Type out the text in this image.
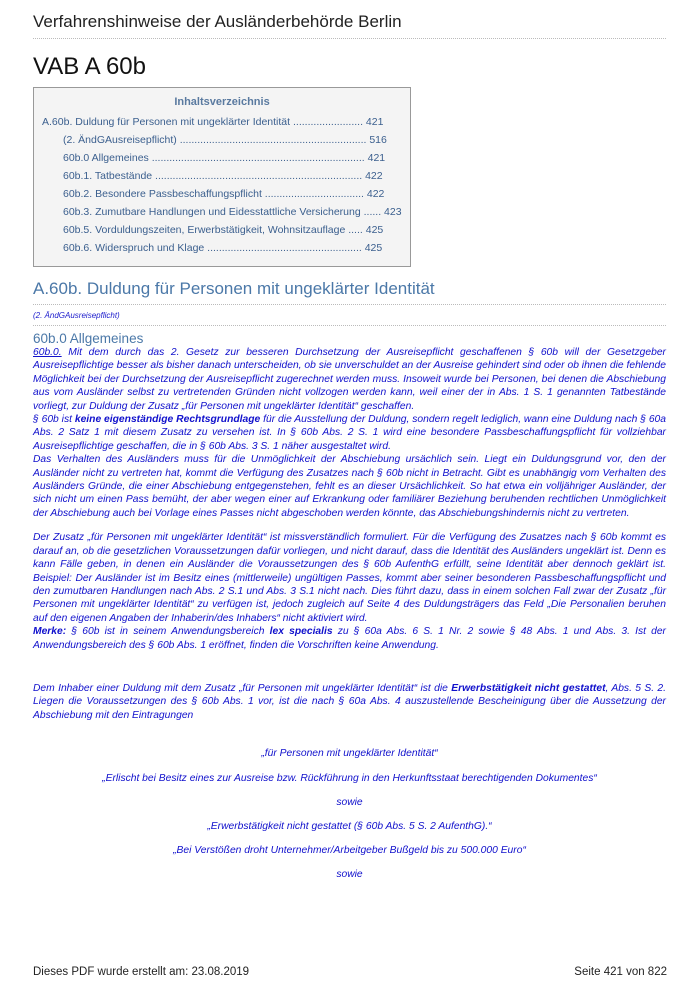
Verfahrenshinweise der Ausländerbehörde Berlin
VAB A 60b
Inhaltsverzeichnis
A.60b. Duldung für Personen mit ungeklärter Identität ........................ 421
(2. ÄndGAusreisepflicht) ................................................................ 516
60b.0 Allgemeines ......................................................................... 421
60b.1. Tatbestände ....................................................................... 422
60b.2. Besondere Passbeschaffungspflicht .................................. 422
60b.3. Zumutbare Handlungen und Eidesstattliche Versicherung ...... 423
60b.5. Vorduldungszeiten, Erwerbstätigkeit, Wohnsitzauflage ..... 425
60b.6. Widerspruch und Klage ..................................................... 425
A.60b. Duldung für Personen mit ungeklärter Identität
(2. ÄndGAusreisepflicht)
60b.0 Allgemeines

60b.0. Mit dem durch das 2. Gesetz zur besseren Durchsetzung der Ausreisepflicht geschaffenen § 60b will der Gesetzgeber Ausreisepflichtige besser als bisher danach unterscheiden, ob sie unverschuldet an der Ausreise gehindert sind oder ob ihnen die fehlende Möglichkeit bei der Durchsetzung der Ausreisepflicht zugerechnet werden muss. Insoweit wurde bei Personen, bei denen die Abschiebung aus vom Ausländer selbst zu vertretenden Gründen nicht vollzogen werden kann, weil einer der in Abs. 1 S. 1 genannten Tatbestände vorliegt, zur Duldung der Zusatz „für Personen mit ungeklärter Identität“ geschaffen.

§ 60b ist keine eigenständige Rechtsgrundlage für die Ausstellung der Duldung, sondern regelt lediglich, wann eine Duldung nach § 60a Abs. 2 Satz 1 mit diesem Zusatz zu versehen ist. In § 60b Abs. 2 S. 1 wird eine besondere Passbeschaffungspflicht für vollziehbar Ausreisepflichtige geschaffen, die in § 60b Abs. 3 S. 1 näher ausgestaltet wird.

Das Verhalten des Ausländers muss für die Unmöglichkeit der Abschiebung ursächlich sein. Liegt ein Duldungsgrund vor, den der Ausländer nicht zu vertreten hat, kommt die Verfügung des Zusatzes nach § 60b nicht in Betracht. Gibt es unabhängig vom Verhalten des Ausländers Gründe, die einer Abschiebung entgegenstehen, fehlt es an dieser Ursächlichkeit. So hat etwa ein volljähriger Ausländer, der sich nicht um einen Pass bemüht, der aber wegen einer auf Erkrankung oder familiärer Beziehung beruhenden rechtlichen Unmöglichkeit der Abschiebung auch bei Vorlage eines Passes nicht abgeschoben werden könnte, das Abschiebungshindernis nicht zu vertreten.

Der Zusatz „für Personen mit ungeklärter Identität“ ist missverständlich formuliert. Für die Verfügung des Zusatzes nach § 60b kommt es darauf an, ob die gesetzlichen Voraussetzungen dafür vorliegen, und nicht darauf, dass die Identität des Ausländers ungeklärt ist. Denn es kann Fälle geben, in denen ein Ausländer die Voraussetzungen des § 60b AufenthG erfüllt, seine Identität aber dennoch geklärt ist. Beispiel: Der Ausländer ist im Besitz eines (mittlerweile) ungültigen Passes, kommt aber seiner besonderen Passbeschaffungspflicht und den zumutbaren Handlungen nach Abs. 2 S.1 und Abs. 3 S.1 nicht nach. Dies führt dazu, dass in einem solchen Fall zwar der Zusatz „für Personen mit ungeklärter Identität“ zu verfügen ist, jedoch zugleich auf Seite 4 des Duldungsträgers das Feld „Die Personalien beruhen auf den eigenen Angaben der Inhaberin/des Inhabers“ nicht aktiviert wird.

Merke: § 60b ist in seinem Anwendungsbereich lex specialis zu § 60a Abs. 6 S. 1 Nr. 2 sowie § 48 Abs. 1 und Abs. 3. Ist der Anwendungsbereich des § 60b Abs. 1 eröffnet, finden die Vorschriften keine Anwendung.

Dem Inhaber einer Duldung mit dem Zusatz „für Personen mit ungeklärter Identität“ ist die Erwerbstätigkeit nicht gestattet, Abs. 5 S. 2. Liegen die Voraussetzungen des § 60b Abs. 1 vor, ist die nach § 60a Abs. 4 auszustellende Bescheinigung über die Aussetzung der Abschiebung mit den Eintragungen

„für Personen mit ungeklärter Identität“

„Erlischt bei Besitz eines zur Ausreise bzw. Rückführung in den Herkunftsstaat berechtigenden Dokumentes“

sowie

„Erwerbstätigkeit nicht gestattet (§ 60b Abs. 5 S. 2 AufenthG).“

„Bei Verstößen droht Unternehmer/Arbeitgeber Bußgeld bis zu 500.000 Euro“

sowie

Dieses PDF wurde erstellt am: 23.08.2019	Seite 421 von 822
